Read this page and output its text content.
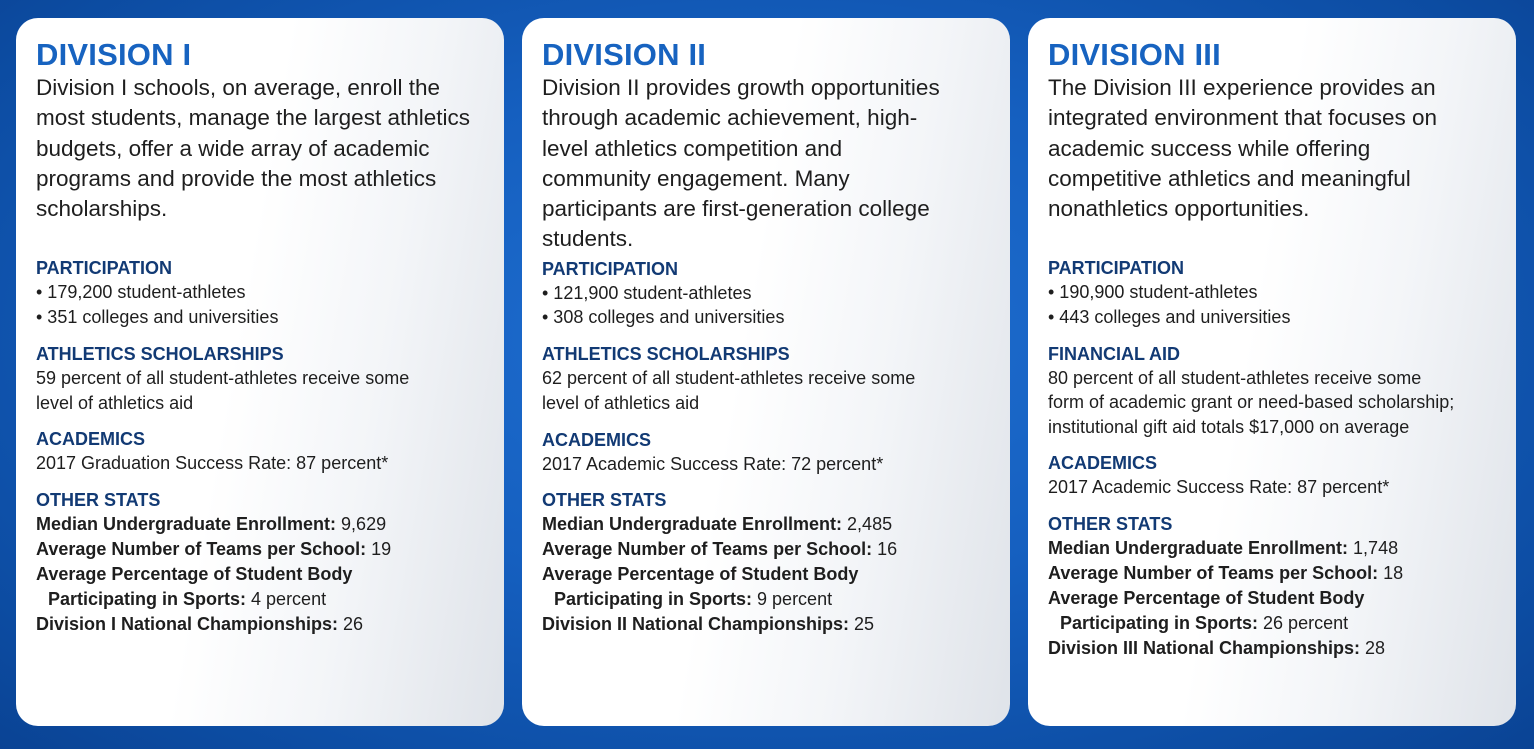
DIVISION I

Division I schools, on average, enroll the most students, manage the largest athletics budgets, offer a wide array of academic programs and provide the most athletics scholarships.

PARTICIPATION

• 179,200 student-athletes

• 351 colleges and universities

ATHLETICS SCHOLARSHIPS

59 percent of all student-athletes receive some

level of athletics aid

ACADEMICS

2017 Graduation Success Rate: 87 percent*

OTHER STATS

Median Undergraduate Enrollment: 9,629

Average Number of Teams per School: 19

Average Percentage of Student Body

Participating in Sports: 4 percent

Division I National Championships: 26

DIVISION II

Division II provides growth opportunities through academic achievement, high-level athletics competition and community engagement. Many participants are first-generation college students.

PARTICIPATION

• 121,900 student-athletes

• 308 colleges and universities

ATHLETICS SCHOLARSHIPS

62 percent of all student-athletes receive some

level of athletics aid

ACADEMICS

2017 Academic Success Rate: 72 percent*

OTHER STATS

Median Undergraduate Enrollment: 2,485

Average Number of Teams per School: 16

Average Percentage of Student Body

Participating in Sports: 9 percent

Division II National Championships: 25

DIVISION III

The Division III experience provides an integrated environment that focuses on academic success while offering competitive athletics and meaningful nonathletics opportunities.

PARTICIPATION

• 190,900 student-athletes

• 443 colleges and universities

FINANCIAL AID

80 percent of all student-athletes receive some

form of academic grant or need-based scholarship;

institutional gift aid totals $17,000 on average

ACADEMICS

2017 Academic Success Rate: 87 percent*

OTHER STATS

Median Undergraduate Enrollment: 1,748

Average Number of Teams per School: 18

Average Percentage of Student Body

Participating in Sports: 26 percent

Division III National Championships: 28
